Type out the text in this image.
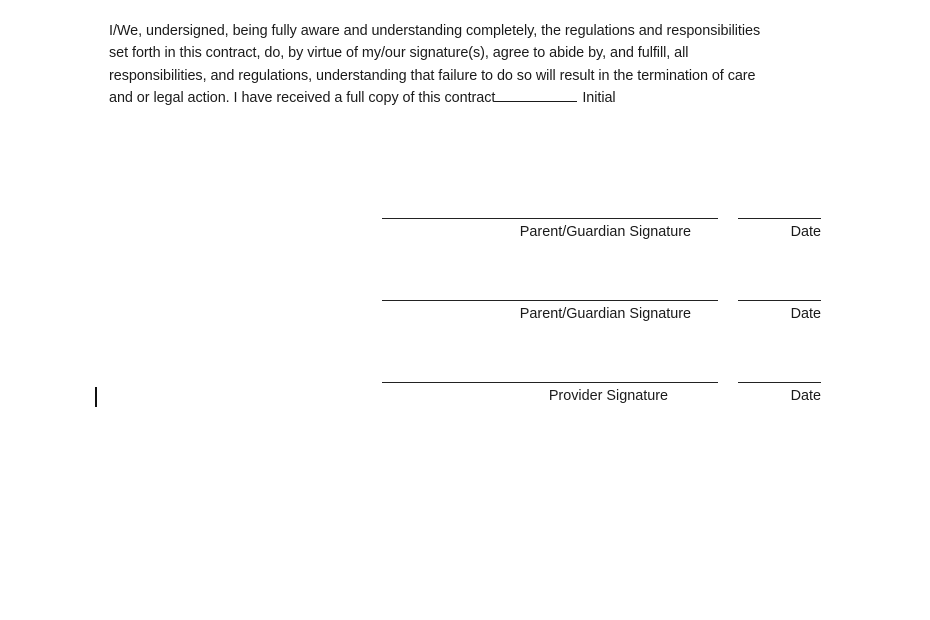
I/We, undersigned, being fully aware and understanding completely, the regulations and responsibilities
set forth in this contract, do, by virtue of my/our signature(s), agree to abide by, and fulfill, all
responsibilities, and regulations, understanding that failure to do so will result in the termination of care
and or legal action. I have received a full copy of this contract	Initial

Parent/Guardian Signature	Date
Parent/Guardian Signature	Date
Provider Signature	Date
